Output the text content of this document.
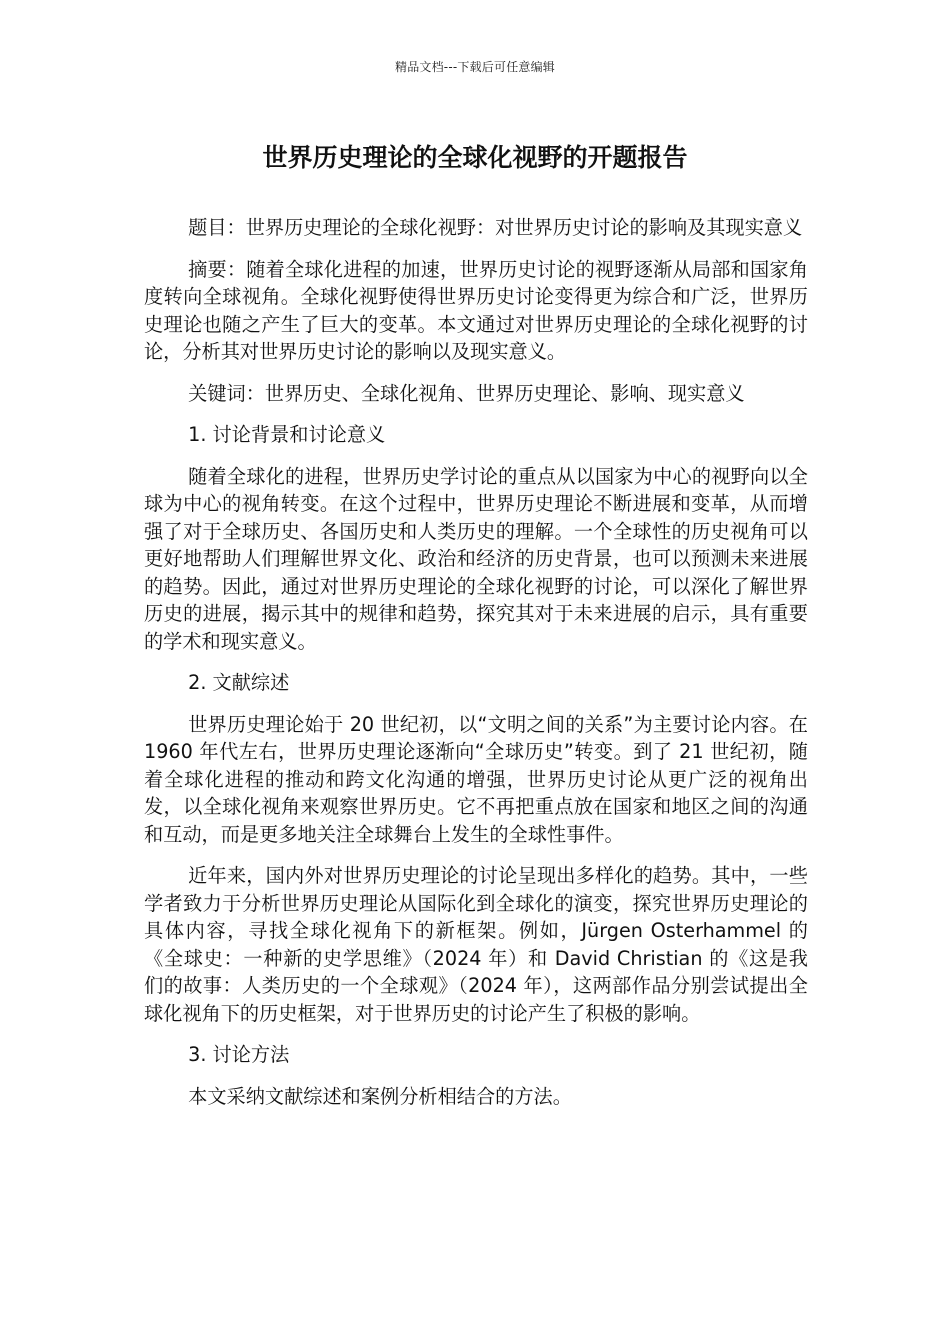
精品文档---下载后可任意编辑
世界历史理论的全球化视野的开题报告

题目：世界历史理论的全球化视野：对世界历史讨论的影响及其现实意义

摘要：随着全球化进程的加速，世界历史讨论的视野逐渐从局部和国家角度转向全球视角。全球化视野使得世界历史讨论变得更为综合和广泛，世界历史理论也随之产生了巨大的变革。本文通过对世界历史理论的全球化视野的讨论，分析其对世界历史讨论的影响以及现实意义。

关键词：世界历史、全球化视角、世界历史理论、影响、现实意义

1. 讨论背景和讨论意义

随着全球化的进程，世界历史学讨论的重点从以国家为中心的视野向以全球为中心的视角转变。在这个过程中，世界历史理论不断进展和变革，从而增强了对于全球历史、各国历史和人类历史的理解。一个全球性的历史视角可以更好地帮助人们理解世界文化、政治和经济的历史背景，也可以预测未来进展的趋势。因此，通过对世界历史理论的全球化视野的讨论，可以深化了解世界历史的进展，揭示其中的规律和趋势，探究其对于未来进展的启示，具有重要的学术和现实意义。

2. 文献综述

世界历史理论始于 20 世纪初，以“文明之间的关系”为主要讨论内容。在 1960 年代左右，世界历史理论逐渐向“全球历史”转变。到了 21 世纪初，随着全球化进程的推动和跨文化沟通的增强，世界历史讨论从更广泛的视角出发，以全球化视角来观察世界历史。它不再把重点放在国家和地区之间的沟通和互动，而是更多地关注全球舞台上发生的全球性事件。

近年来，国内外对世界历史理论的讨论呈现出多样化的趋势。其中，一些学者致力于分析世界历史理论从国际化到全球化的演变，探究世界历史理论的具体内容，寻找全球化视角下的新框架。例如，Jürgen Osterhammel 的《全球史：一种新的史学思维》（2024 年）和 David Christian 的《这是我们的故事：人类历史的一个全球观》（2024 年），这两部作品分别尝试提出全球化视角下的历史框架，对于世界历史的讨论产生了积极的影响。

3. 讨论方法

本文采纳文献综述和案例分析相结合的方法。
